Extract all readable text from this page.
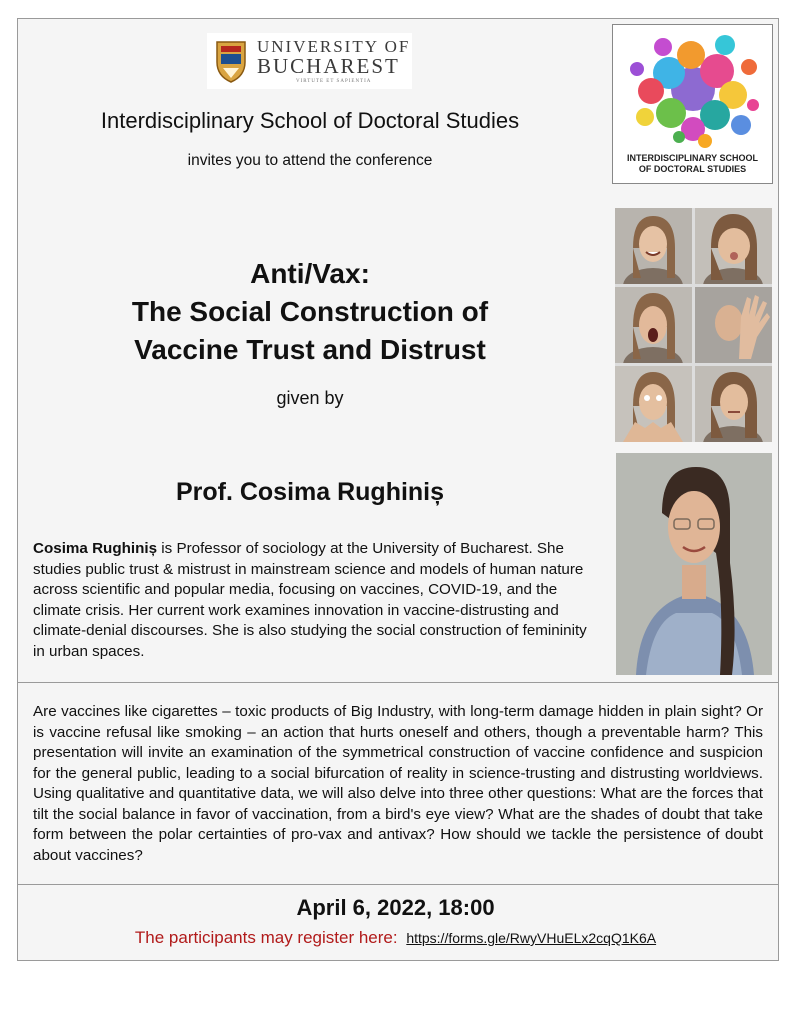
UNIVERSITY OF
BUCHAREST
VIRTUTE ET SAPIENTIA
Interdisciplinary School of Doctoral Studies
invites you to attend the conference	INTERDISCIPLINARY SCHOOL
OF DOCTORAL STUDIES
Anti/Vax:
The Social Construction of
Vaccine Trust and Distrust
given by
Prof. Cosima Rughiniș
Cosima Rughiniș is Professor of sociology at the University of Bucharest. She studies public trust & mistrust in mainstream science and models of human nature across scientific and popular media, focusing on vaccines, COVID-19, and the climate crisis. Her current work examines innovation in vaccine-distrusting and climate-denial discourses. She is also studying the social construction of femininity in urban spaces.
Are vaccines like cigarettes – toxic products of Big Industry, with long-term damage hidden in plain sight? Or is vaccine refusal like smoking – an action that hurts oneself and others, though a preventable harm? This presentation will invite an examination of the symmetrical construction of vaccine confidence and suspicion for the general public, leading to a social bifurcation of reality in science-trusting and distrusting worldviews. Using qualitative and quantitative data, we will also delve into three other questions: What are the forces that tilt the social balance in favor of vaccination, from a bird's eye view? What are the shades of doubt that take form between the polar certainties of pro-vax and antivax? How should we tackle the persistence of doubt about vaccines?
April 6, 2022, 18:00
The participants may register here: https://forms.gle/RwyVHuELx2cqQ1K6A
